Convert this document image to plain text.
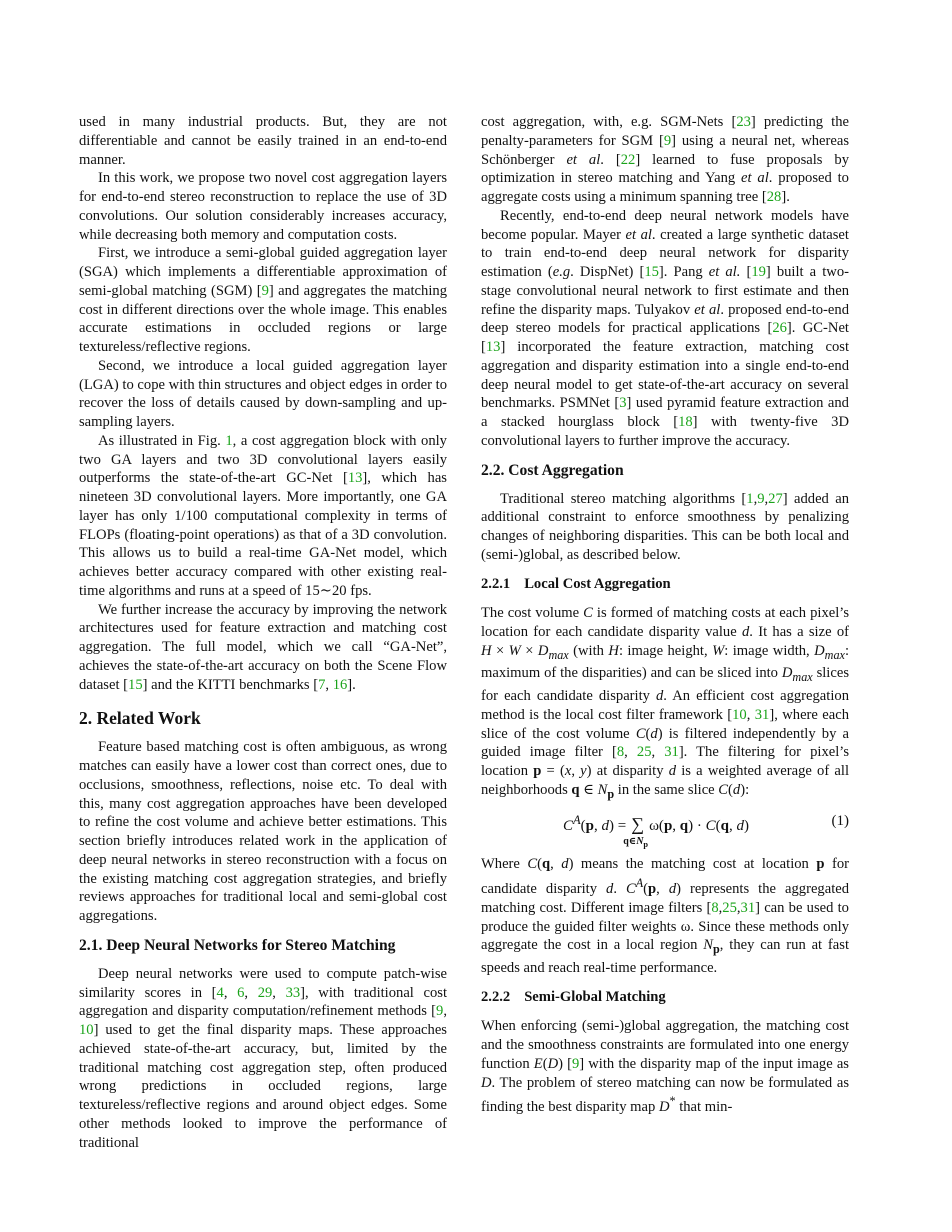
used in many industrial products. But, they are not differentiable and cannot be easily trained in an end-to-end manner.

In this work, we propose two novel cost aggregation layers for end-to-end stereo reconstruction to replace the use of 3D convolutions. Our solution considerably increases accuracy, while decreasing both memory and computation costs.

First, we introduce a semi-global guided aggregation layer (SGA) which implements a differentiable approximation of semi-global matching (SGM) [9] and aggregates the matching cost in different directions over the whole image. This enables accurate estimations in occluded regions or large textureless/reflective regions.

Second, we introduce a local guided aggregation layer (LGA) to cope with thin structures and object edges in order to recover the loss of details caused by down-sampling and up-sampling layers.

As illustrated in Fig. 1, a cost aggregation block with only two GA layers and two 3D convolutional layers easily outperforms the state-of-the-art GC-Net [13], which has nineteen 3D convolutional layers. More importantly, one GA layer has only 1/100 computational complexity in terms of FLOPs (floating-point operations) as that of a 3D convolution. This allows us to build a real-time GA-Net model, which achieves better accuracy compared with other existing real-time algorithms and runs at a speed of 15∼20 fps.

We further increase the accuracy by improving the network architectures used for feature extraction and matching cost aggregation. The full model, which we call “GA-Net”, achieves the state-of-the-art accuracy on both the Scene Flow dataset [15] and the KITTI benchmarks [7, 16].

2. Related Work

Feature based matching cost is often ambiguous, as wrong matches can easily have a lower cost than correct ones, due to occlusions, smoothness, reflections, noise etc. To deal with this, many cost aggregation approaches have been developed to refine the cost volume and achieve better estimations. This section briefly introduces related work in the application of deep neural networks in stereo reconstruction with a focus on the existing matching cost aggregation strategies, and briefly reviews approaches for traditional local and semi-global cost aggregations.

2.1. Deep Neural Networks for Stereo Matching

Deep neural networks were used to compute patch-wise similarity scores in [4, 6, 29, 33], with traditional cost aggregation and disparity computation/refinement methods [9, 10] used to get the final disparity maps. These approaches achieved state-of-the-art accuracy, but, limited by the traditional matching cost aggregation step, often produced wrong predictions in occluded regions, large textureless/reflective regions and around object edges. Some other methods looked to improve the performance of traditional

cost aggregation, with, e.g. SGM-Nets [23] predicting the penalty-parameters for SGM [9] using a neural net, whereas Schönberger et al. [22] learned to fuse proposals by optimization in stereo matching and Yang et al. proposed to aggregate costs using a minimum spanning tree [28].

Recently, end-to-end deep neural network models have become popular. Mayer et al. created a large synthetic dataset to train end-to-end deep neural network for disparity estimation (e.g. DispNet) [15]. Pang et al. [19] built a two-stage convolutional neural network to first estimate and then refine the disparity maps. Tulyakov et al. proposed end-to-end deep stereo models for practical applications [26]. GC-Net [13] incorporated the feature extraction, matching cost aggregation and disparity estimation into a single end-to-end deep neural model to get state-of-the-art accuracy on several benchmarks. PSMNet [3] used pyramid feature extraction and a stacked hourglass block [18] with twenty-five 3D convolutional layers to further improve the accuracy.

2.2. Cost Aggregation

Traditional stereo matching algorithms [1,9,27] added an additional constraint to enforce smoothness by penalizing changes of neighboring disparities. This can be both local and (semi-)global, as described below.

2.2.1 Local Cost Aggregation

The cost volume C is formed of matching costs at each pixel’s location for each candidate disparity value d. It has a size of $H \times W \times D_{max}$ (with H: image height, W: image width, $D_{max}$: maximum of the disparities) and can be sliced into $D_{max}$ slices for each candidate disparity d. An efficient cost aggregation method is the local cost filter framework [10, 31], where each slice of the cost volume C(d) is filtered independently by a guided image filter [8, 25, 31]. The filtering for pixel’s location p = (x, y) at disparity d is a weighted average of all neighborhoods q ∈ $N_p$ in the same slice C(d):

$C^A(p$, d) = ∑
$q\in N_p$
ω(p, q) · C(q, d)	(1)

Where C(q, d) means the matching cost at location p for candidate disparity d. $C^A(p$, d) represents the aggregated matching cost. Different image filters [8,25,31] can be used to produce the guided filter weights ω. Since these methods only aggregate the cost in a local region $N_p$, they can run at fast speeds and reach real-time performance.

2.2.2 Semi-Global Matching

When enforcing (semi-)global aggregation, the matching cost and the smoothness constraints are formulated into one energy function E(D) [9] with the disparity map of the input image as D. The problem of stereo matching can now be formulated as finding the best disparity map D* that min-
